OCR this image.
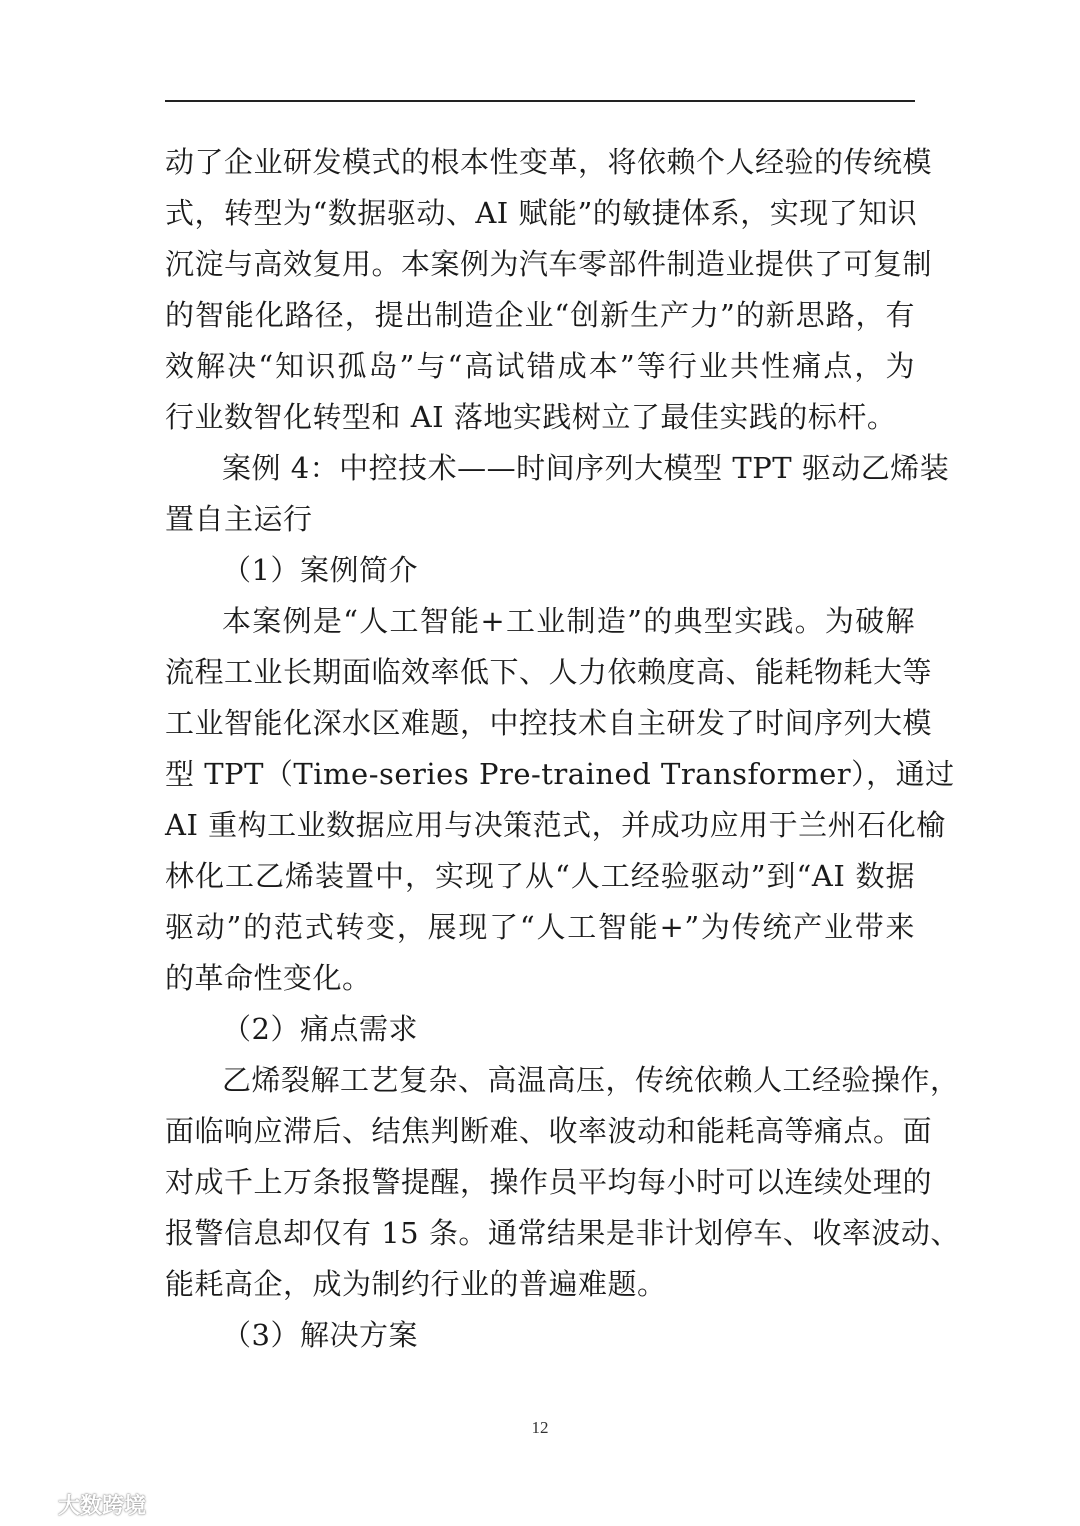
动了企业研发模式的根本性变革，将依赖个人经验的传统模
式，转型为“数据驱动、AI 赋能”的敏捷体系，实现了知识
沉淀与高效复用。本案例为汽车零部件制造业提供了可复制
的智能化路径，提出制造企业“创新生产力”的新思路，有
效解决“知识孤岛”与“高试错成本”等行业共性痛点，为
行业数智化转型和 AI 落地实践树立了最佳实践的标杆。
案例 4：中控技术——时间序列大模型 TPT 驱动乙烯装
置自主运行
（1）案例简介
本案例是“人工智能+工业制造”的典型实践。为破解
流程工业长期面临效率低下、人力依赖度高、能耗物耗大等
工业智能化深水区难题，中控技术自主研发了时间序列大模
型 TPT（Time-series Pre-trained Transformer），通过
AI 重构工业数据应用与决策范式，并成功应用于兰州石化榆
林化工乙烯装置中，实现了从“人工经验驱动”到“AI 数据
驱动”的范式转变，展现了“人工智能+”为传统产业带来
的革命性变化。
（2）痛点需求
乙烯裂解工艺复杂、高温高压，传统依赖人工经验操作，
面临响应滞后、结焦判断难、收率波动和能耗高等痛点。面
对成千上万条报警提醒，操作员平均每小时可以连续处理的
报警信息却仅有 15 条。通常结果是非计划停车、收率波动、
能耗高企，成为制约行业的普遍难题。
（3）解决方案
12
大数跨境
